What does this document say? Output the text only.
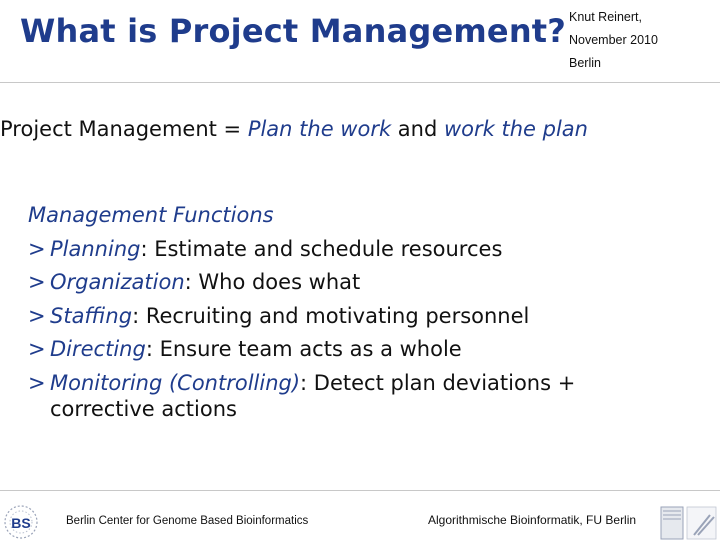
What is Project Management? Knut Reinert,
November 2010
Berlin
Project Management = Plan the work and work the plan
Management Functions
> Planning: Estimate and schedule resources
> Organization: Who does what
> Staffing: Recruiting and motivating personnel
> Directing: Ensure team acts as a whole
> Monitoring (Controlling): Detect plan deviations +
corrective actions
BS	Berlin Center for Genome Based Bioinformatics	Algorithmische Bioinformatik, FU Berlin
